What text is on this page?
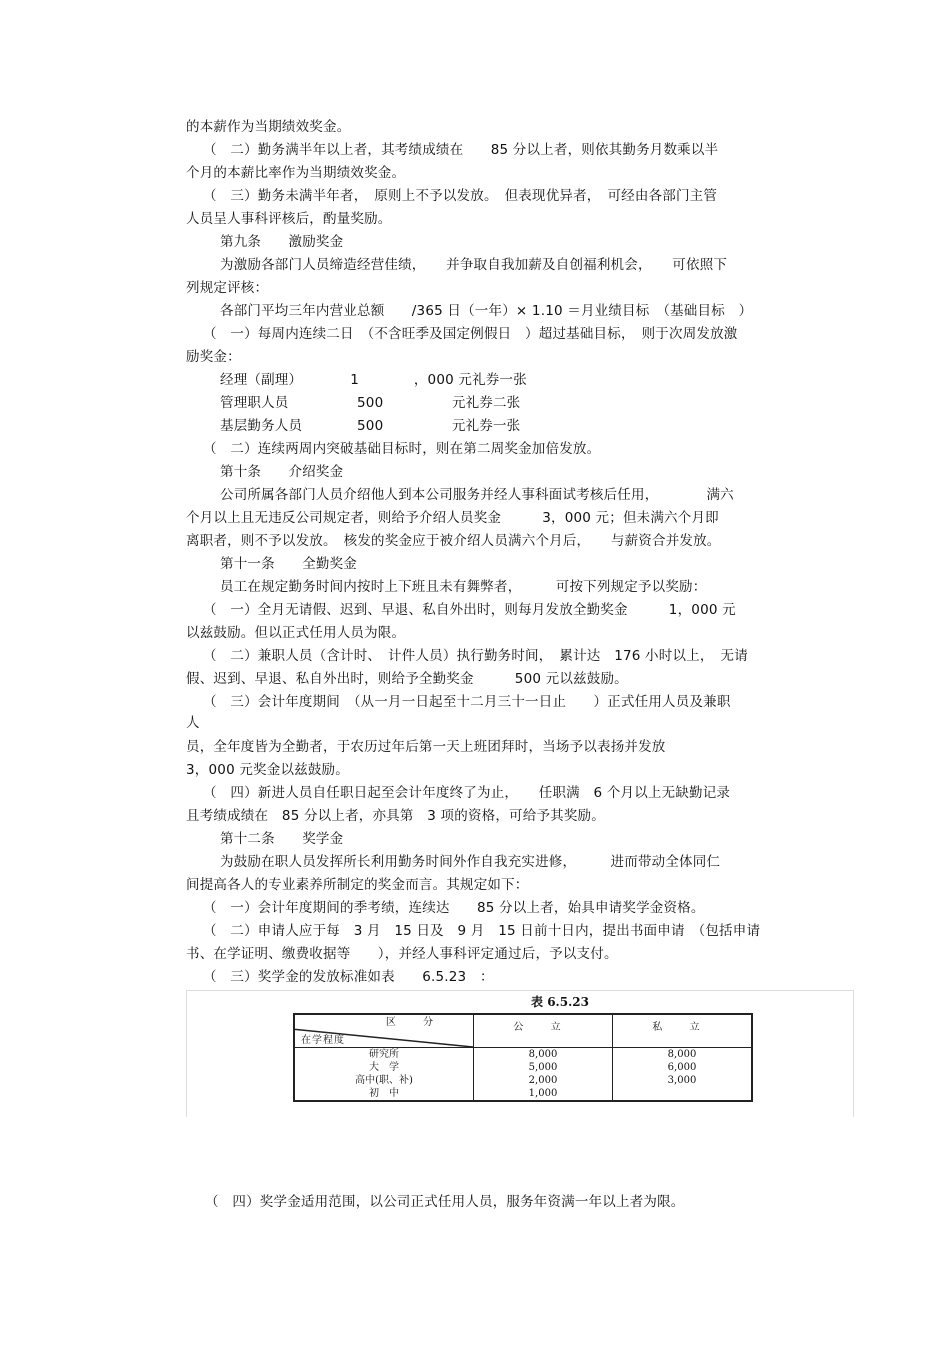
的本薪作为当期绩效奖金。
（　二）勤务满半年以上者，其考绩成绩在　　85 分以上者，则依其勤务月数乘以半
个月的本薪比率作为当期绩效奖金。
（　三）勤务未满半年者，　原则上不予以发放。　但表现优异者，　可经由各部门主管
人员呈人事科评核后，酌量奖励。
第九条　　激励奖金
为激励各部门人员缔造经营佳绩，　　并争取自我加薪及自创福利机会，　　可依照下
列规定评核：
各部门平均三年内营业总额　　/365 日（一年）× 1.10 ＝月业绩目标　（基础目标　）
（　一）每周内连续二日　（不含旺季及国定例假日　）超过基础目标，　则于次周发放激
励奖金：
经理（副理）　　　　1　　　　，000 元礼券一张
管理职人员　　　　　500　　　　　元礼券二张
基层勤务人员　　　　500　　　　　元礼券一张
（　二）连续两周内突破基础目标时，则在第二周奖金加倍发放。
第十条　　介绍奖金
公司所属各部门人员介绍他人到本公司服务并经人事科面试考核后任用，　　　　满六
个月以上且无违反公司规定者，则给予介绍人员奖金　　　3，000 元；但未满六个月即
离职者，则不予以发放。　核发的奖金应于被介绍人员满六个月后，　　与薪资合并发放。
第十一条　　全勤奖金
员工在规定勤务时间内按时上下班且未有舞弊者，　　　可按下列规定予以奖励：
（　一）全月无请假、迟到、早退、私自外出时，则每月发放全勤奖金　　　1，000 元
以兹鼓励。但以正式任用人员为限。
（　二）兼职人员（含计时、　计件人员）执行勤务时间，　累计达　176 小时以上，　无请
假、迟到、早退、私自外出时，则给予全勤奖金　　　500 元以兹鼓励。
（　三）会计年度期间　（从一月一日起至十二月三十一日止　　）正式任用人员及兼职
人
员，全年度皆为全勤者，于农历过年后第一天上班团拜时，当场予以表扬并发放
3，000 元奖金以兹鼓励。
（　四）新进人员自任职日起至会计年度终了为止，　　任职满　6 个月以上无缺勤记录
且考绩成绩在　85 分以上者，亦具第　3 项的资格，可给予其奖励。
第十二条　　奖学金
为鼓励在职人员发挥所长利用勤务时间外作自我充实进修，　　　进而带动全体同仁
间提高各人的专业素养所制定的奖金而言。其规定如下：
（　一）会计年度期间的季考绩，连续达　　85 分以上者，始具申请奖学金资格。
（　二）申请人应于每　3 月　15 日及　9 月　15 日前十日内，提出书面申请　（包括申请
书、在学证明、缴费收据等　　），并经人事科评定通过后，予以支付。
（　三）奖学金的发放标准如表　　6.5.23　：
表 6.5.23
区 分
在学程度	公 立	私 立
研究所	8,000	8,000
大　学	5,000	6,000
高中(职、补)	2,000	3,000
初　中	1,000	
（　四）奖学金适用范围，以公司正式任用人员，服务年资满一年以上者为限。
